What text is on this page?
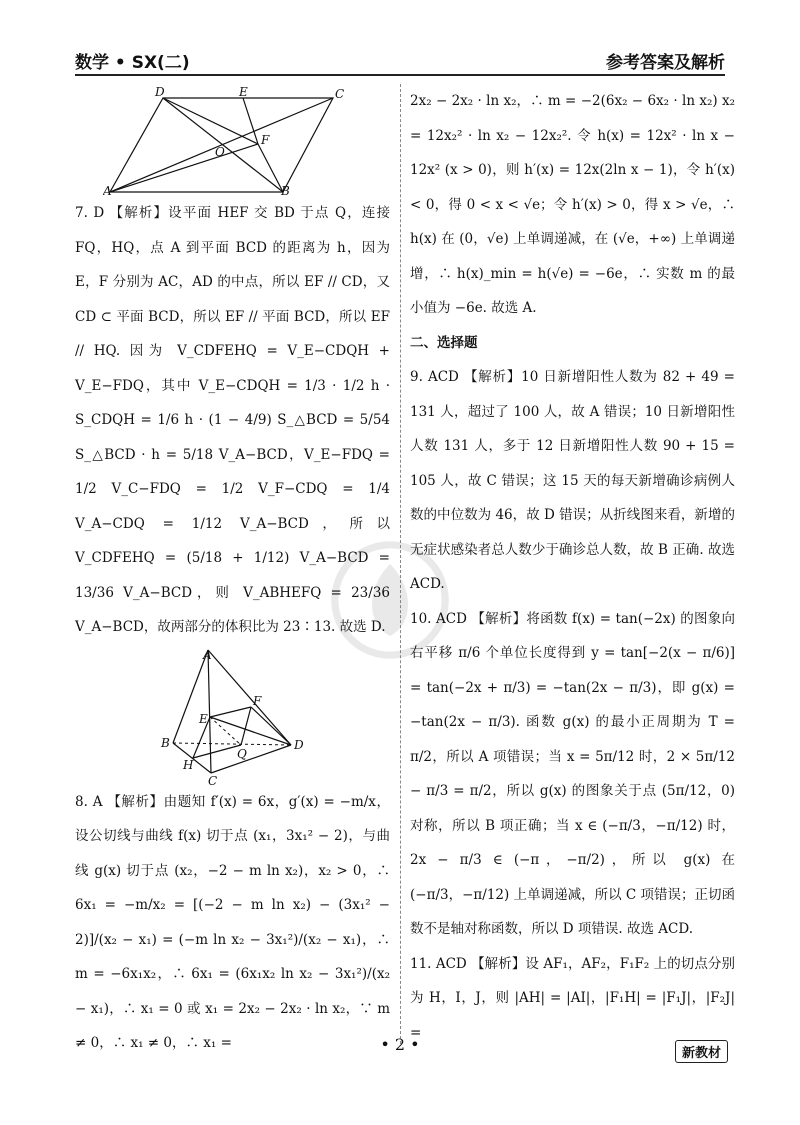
数学 • SX(二)	参考答案及解析
D	E	C
O
F
A	B
7. D 【解析】设平面 HEF 交 BD 于点 Q，连接 FQ，HQ，点 A 到平面 BCD 的距离为 h，因为 E，F 分别为 AC，AD 的中点，所以 EF // CD，又 CD ⊂ 平面 BCD，所以 EF // 平面 BCD，所以 EF // HQ. 因为 V_CDFEHQ = V_E−CDQH + V_E−FDQ，其中 V_E−CDQH = 1/3 · 1/2 h · S_CDQH = 1/6 h · (1 − 4/9) S_△BCD = 5/54 S_△BCD · h = 5/18 V_A−BCD，V_E−FDQ = 1/2 V_C−FDQ = 1/2 V_F−CDQ = 1/4 V_A−CDQ = 1/12 V_A−BCD，所以 V_CDFEHQ = (5/18 + 1/12) V_A−BCD = 13/36 V_A−BCD，则 V_ABHEFQ = 23/36 V_A−BCD，故两部分的体积比为 23∶13. 故选 D.
A
F
E
B
Q
D
H
C
8. A 【解析】由题知 f′(x) = 6x，g′(x) = −m/x，设公切线与曲线 f(x) 切于点 (x₁，3x₁² − 2)，与曲线 g(x) 切于点 (x₂，−2 − m ln x₂)，x₂ > 0，∴ 6x₁ = −m/x₂ = [(−2 − m ln x₂) − (3x₁² − 2)]/(x₂ − x₁) = (−m ln x₂ − 3x₁²)/(x₂ − x₁)，∴ m = −6x₁x₂，∴ 6x₁ = (6x₁x₂ ln x₂ − 3x₁²)/(x₂ − x₁)，∴ x₁ = 0 或 x₁ = 2x₂ − 2x₂ · ln x₂，∵ m ≠ 0，∴ x₁ ≠ 0，∴ x₁ =
2x₂ − 2x₂ · ln x₂，∴ m = −2(6x₂ − 6x₂ · ln x₂) x₂ = 12x₂² · ln x₂ − 12x₂². 令 h(x) = 12x² · ln x − 12x² (x > 0)，则 h′(x) = 12x(2ln x − 1)，令 h′(x) < 0，得 0 < x < √e；令 h′(x) > 0，得 x > √e，∴ h(x) 在 (0，√e) 上单调递减，在 (√e，+∞) 上单调递增，∴ h(x)_min = h(√e) = −6e，∴ 实数 m 的最小值为 −6e. 故选 A.
二、选择题
9. ACD 【解析】10 日新增阳性人数为 82 + 49 = 131 人，超过了 100 人，故 A 错误；10 日新增阳性人数 131 人，多于 12 日新增阳性人数 90 + 15 = 105 人，故 C 错误；这 15 天的每天新增确诊病例人数的中位数为 46，故 D 错误；从折线图来看，新增的无症状感染者总人数少于确诊总人数，故 B 正确. 故选 ACD.
10. ACD 【解析】将函数 f(x) = tan(−2x) 的图象向右平移 π/6 个单位长度得到 y = tan[−2(x − π/6)] = tan(−2x + π/3) = −tan(2x − π/3)，即 g(x) = −tan(2x − π/3). 函数 g(x) 的最小正周期为 T = π/2，所以 A 项错误；当 x = 5π/12 时，2 × 5π/12 − π/3 = π/2，所以 g(x) 的图象关于点 (5π/12，0) 对称，所以 B 项正确；当 x ∈ (−π/3，−π/12) 时，2x − π/3 ∈ (−π，−π/2)，所以 g(x) 在 (−π/3，−π/12) 上单调递减，所以 C 项错误；正切函数不是轴对称函数，所以 D 项错误. 故选 ACD.
11. ACD 【解析】设 AF₁，AF₂，F₁F₂ 上的切点分别为 H，I，J，则 |AH| = |AI|，|F₁H| = |F₁J|，|F₂J| =
• 2 •	新教材
